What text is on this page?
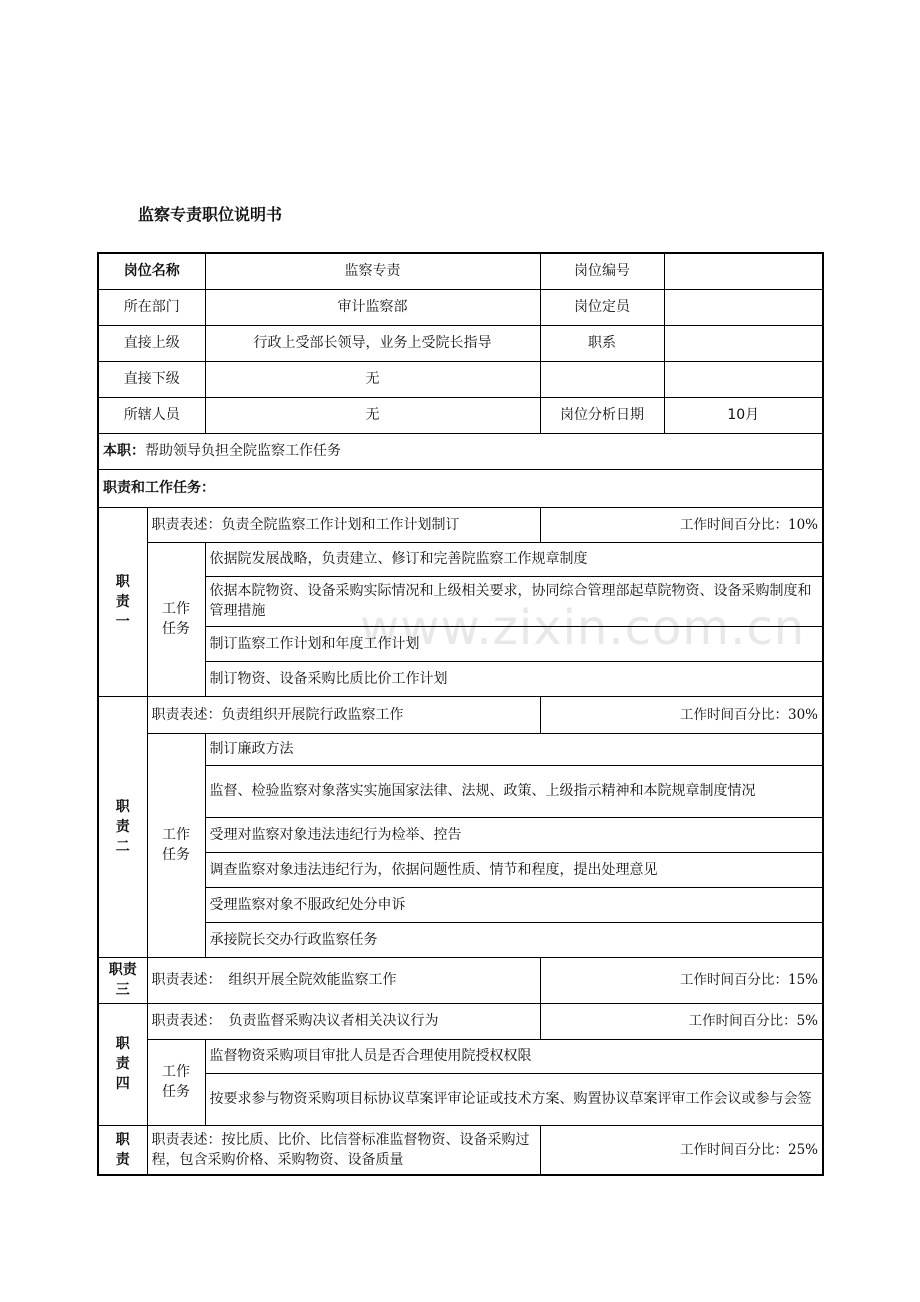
监察专责职位说明书
www.zixin.com.cn
岗位名称		监察专责	岗位编号	
所在部门		审计监察部	岗位定员	
直接上级		行政上受部长领导，业务上受院长指导	职系	
直接下级		无		
所辖人员		无	岗位分析日期	10月
本职：帮助领导负担全院监察工作任务				
职责和工作任务：				
职责一	职责表述：负责全院监察工作计划和工作计划制订		工作时间百分比：10%	
	工作任务	依据院发展战略，负责建立、修订和完善院监察工作规章制度		
		依据本院物资、设备采购实际情况和上级相关要求，协同综合管理部起草院物资、设备采购制度和管理措施		
		制订监察工作计划和年度工作计划		
		制订物资、设备采购比质比价工作计划		
职责二	职责表述：负责组织开展院行政监察工作		工作时间百分比：30%	
	工作任务	制订廉政方法		
		监督、检验监察对象落实实施国家法律、法规、政策、上级指示精神和本院规章制度情况		
		受理对监察对象违法违纪行为检举、控告		
		调查监察对象违法违纪行为，依据问题性质、情节和程度，提出处理意见		
		受理监察对象不服政纪处分申诉		
		承接院长交办行政监察任务		
职责三	职责表述：　组织开展全院效能监察工作		工作时间百分比：15%	
职责四	职责表述：　负责监督采购决议者相关决议行为		工作时间百分比：5%	
	工作任务	监督物资采购项目审批人员是否合理使用院授权权限		
		按要求参与物资采购项目标协议草案评审论证或技术方案、购置协议草案评审工作会议或参与会签		
职责	职责表述：按比质、比价、比信誉标准监督物资、设备采购过程，包含采购价格、采购物资、设备质量		工作时间百分比：25%	
